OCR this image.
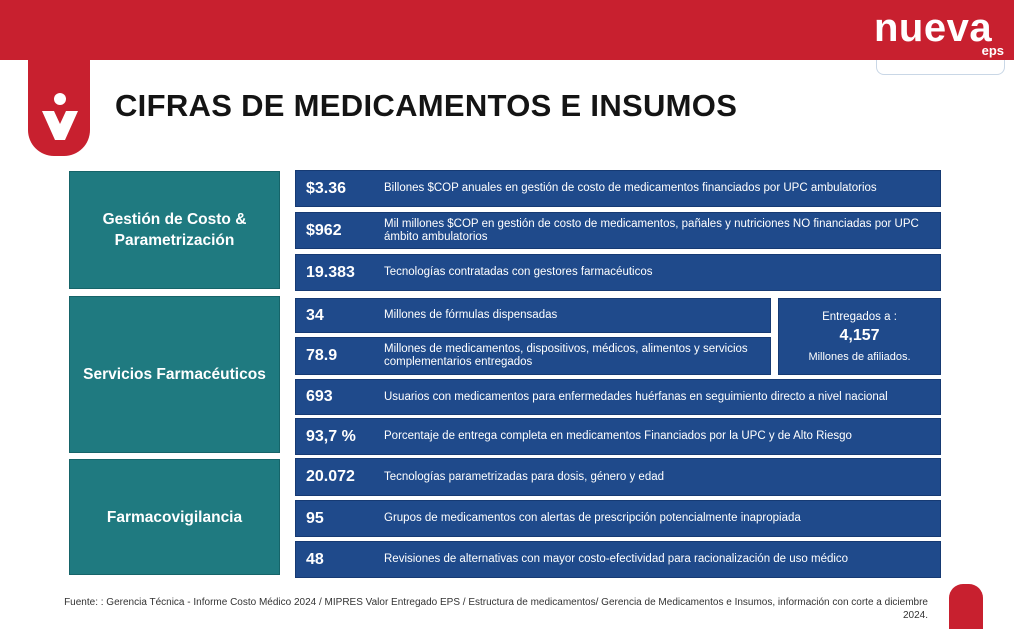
nueva
eps
CIFRAS DE MEDICAMENTOS E INSUMOS
Gestión de Costo & Parametrización
Servicios Farmacéuticos
Farmacovigilancia
$3.36	Billones $COP anuales en gestión de costo de medicamentos financiados por UPC ambulatorios
$962	Mil millones $COP en gestión de costo de medicamentos, pañales y nutriciones NO financiadas por UPC ámbito ambulatorios
19.383	Tecnologías contratadas con gestores farmacéuticos
34	Millones de fórmulas dispensadas
78.9	Millones de medicamentos, dispositivos, médicos, alimentos y servicios complementarios entregados
Entregados a :
4,157
Millones de afiliados.
693	Usuarios con medicamentos para enfermedades huérfanas en seguimiento directo a nivel nacional
93,7 % Porcentaje de entrega completa en medicamentos Financiados por la UPC y de Alto Riesgo
20.072	Tecnologías parametrizadas para dosis, género y edad
95	Grupos de medicamentos con alertas de prescripción potencialmente inapropiada
48	Revisiones de alternativas con mayor costo-efectividad para racionalización de uso médico
Fuente: : Gerencia Técnica - Informe Costo Médico 2024 / MIPRES Valor Entregado EPS / Estructura de medicamentos/ Gerencia de Medicamentos e Insumos, información con corte a diciembre 2024.
